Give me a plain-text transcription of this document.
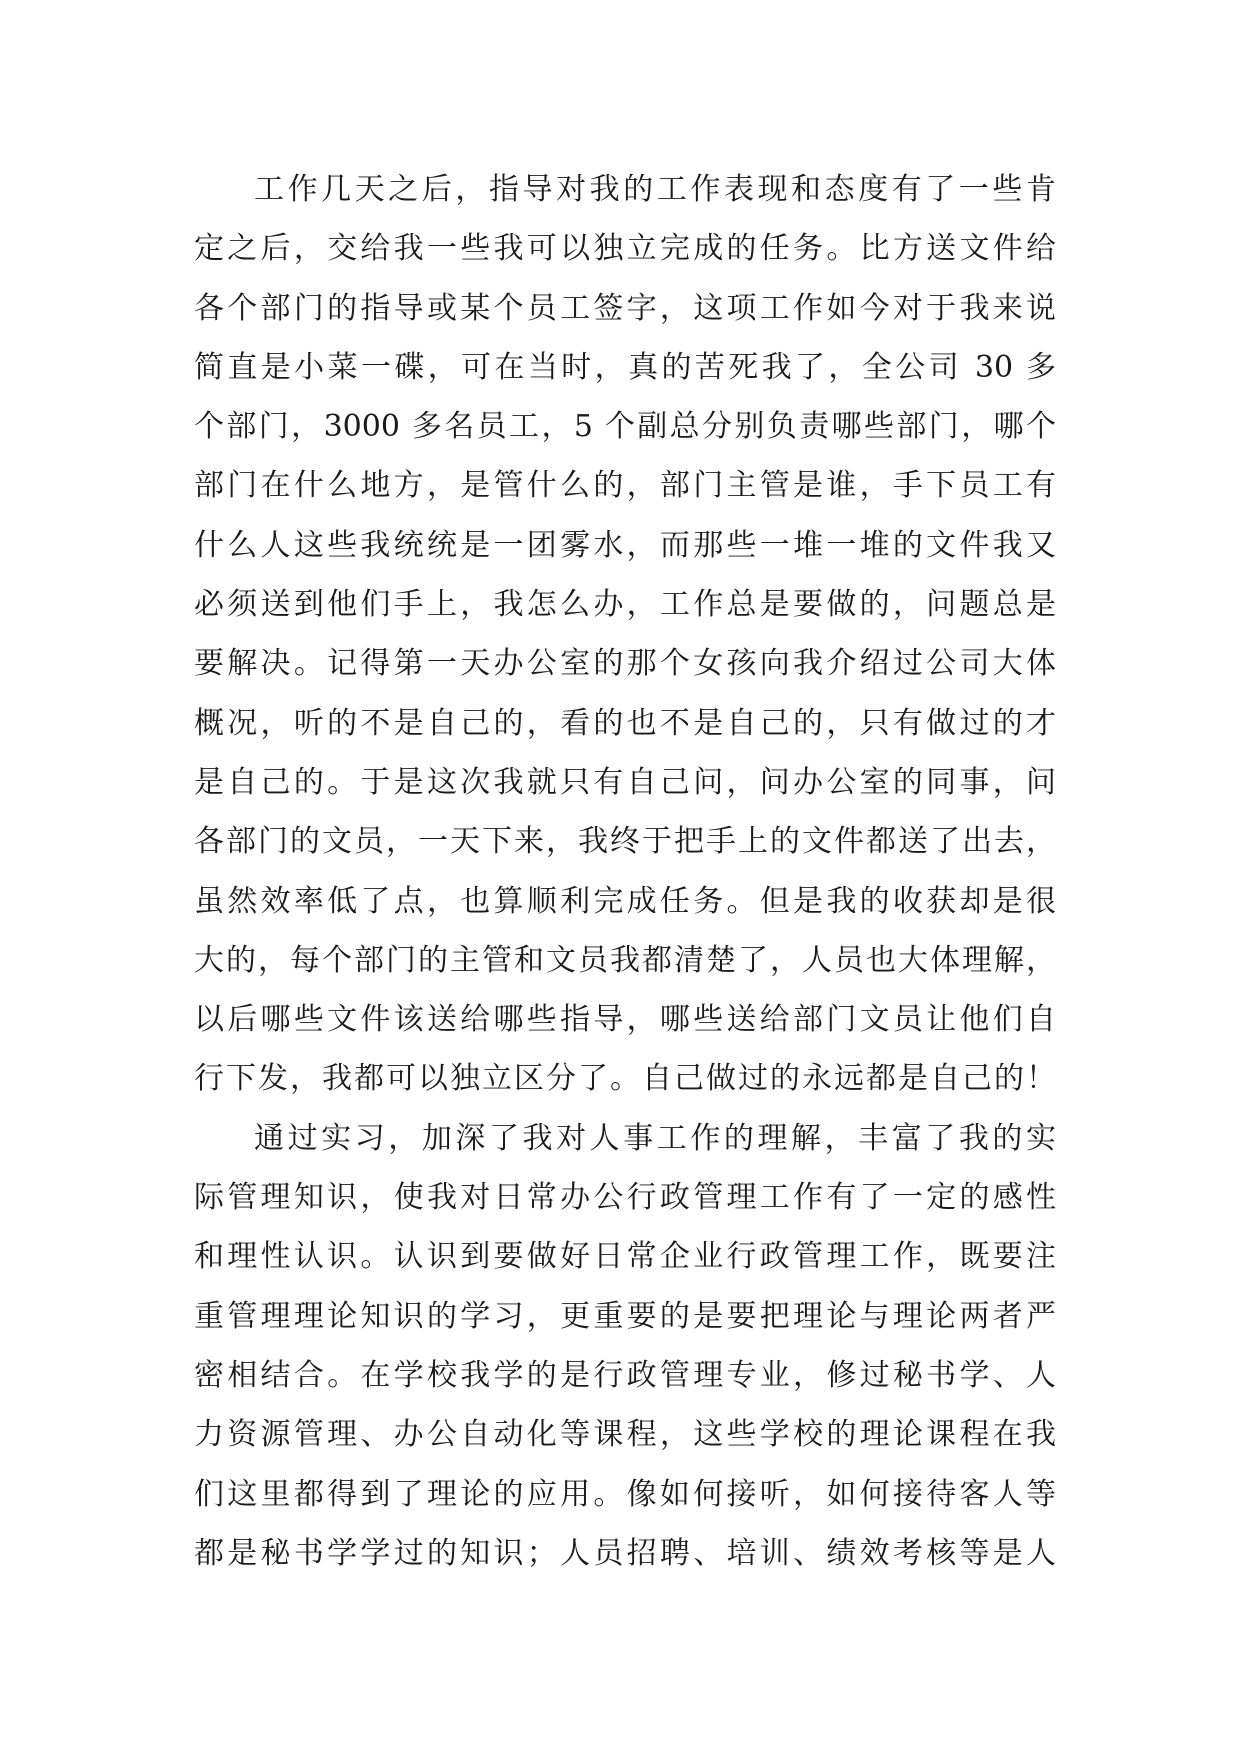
工作几天之后，指导对我的工作表现和态度有了一些肯
定之后，交给我一些我可以独立完成的任务。比方送文件给
各个部门的指导或某个员工签字，这项工作如今对于我来说
简直是小菜一碟，可在当时，真的苦死我了，全公司 30 多
个部门，3000 多名员工，5 个副总分别负责哪些部门，哪个
部门在什么地方，是管什么的，部门主管是谁，手下员工有
什么人这些我统统是一团雾水，而那些一堆一堆的文件我又
必须送到他们手上，我怎么办，工作总是要做的，问题总是
要解决。记得第一天办公室的那个女孩向我介绍过公司大体
概况，听的不是自己的，看的也不是自己的，只有做过的才
是自己的。于是这次我就只有自己问，问办公室的同事，问
各部门的文员，一天下来，我终于把手上的文件都送了出去，
虽然效率低了点，也算顺利完成任务。但是我的收获却是很
大的，每个部门的主管和文员我都清楚了，人员也大体理解，
以后哪些文件该送给哪些指导，哪些送给部门文员让他们自
行下发，我都可以独立区分了。自己做过的永远都是自己的！
通过实习，加深了我对人事工作的理解，丰富了我的实
际管理知识，使我对日常办公行政管理工作有了一定的感性
和理性认识。认识到要做好日常企业行政管理工作，既要注
重管理理论知识的学习，更重要的是要把理论与理论两者严
密相结合。在学校我学的是行政管理专业，修过秘书学、人
力资源管理、办公自动化等课程，这些学校的理论课程在我
们这里都得到了理论的应用。像如何接听，如何接待客人等
都是秘书学学过的知识；人员招聘、培训、绩效考核等是人
